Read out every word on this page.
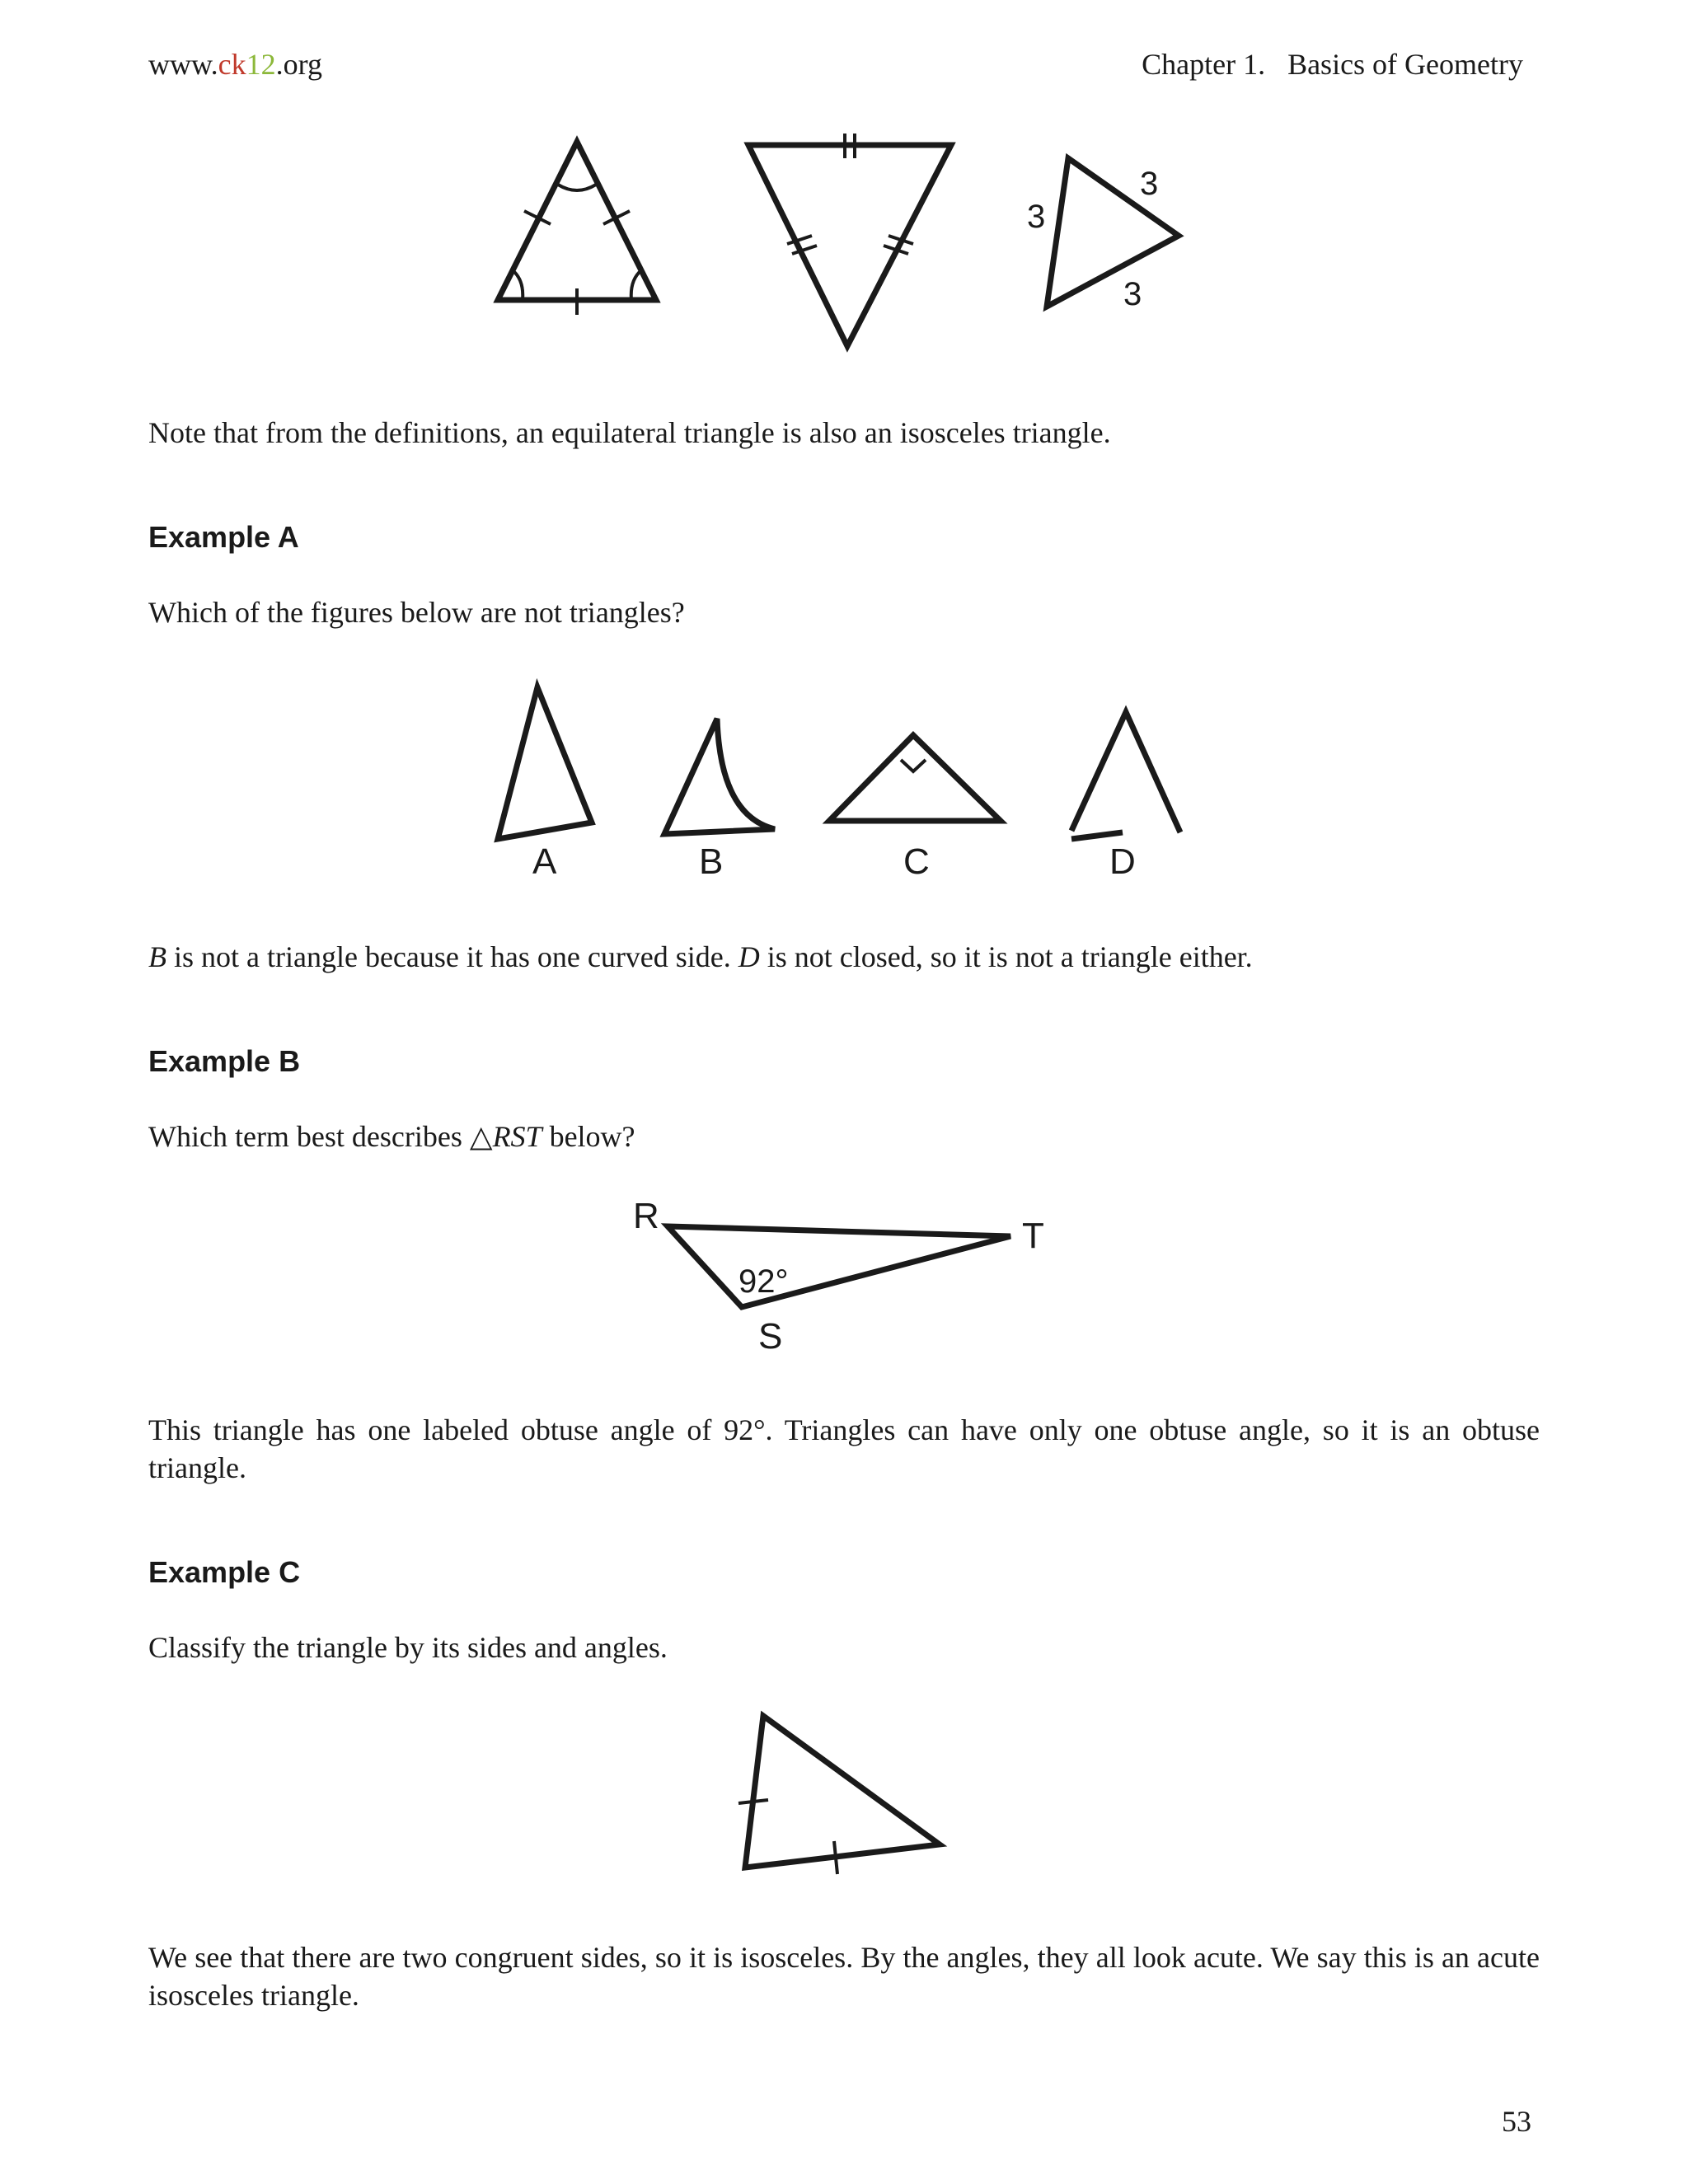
www.ck12.org	Chapter 1.   Basics of Geometry
3
3
3

Note that from the definitions, an equilateral triangle is also an isosceles triangle.

Example A

Which of the figures below are not triangles?

A	B	C	D

B is not a triangle because it has one curved side. D is not closed, so it is not a triangle either.

Example B

Which term best describes △RST below?

R	T
S
92°

This triangle has one labeled obtuse angle of 92°. Triangles can have only one obtuse angle, so it is an obtuse triangle.

Example C

Classify the triangle by its sides and angles.

We see that there are two congruent sides, so it is isosceles. By the angles, they all look acute. We say this is an acute isosceles triangle.

53
